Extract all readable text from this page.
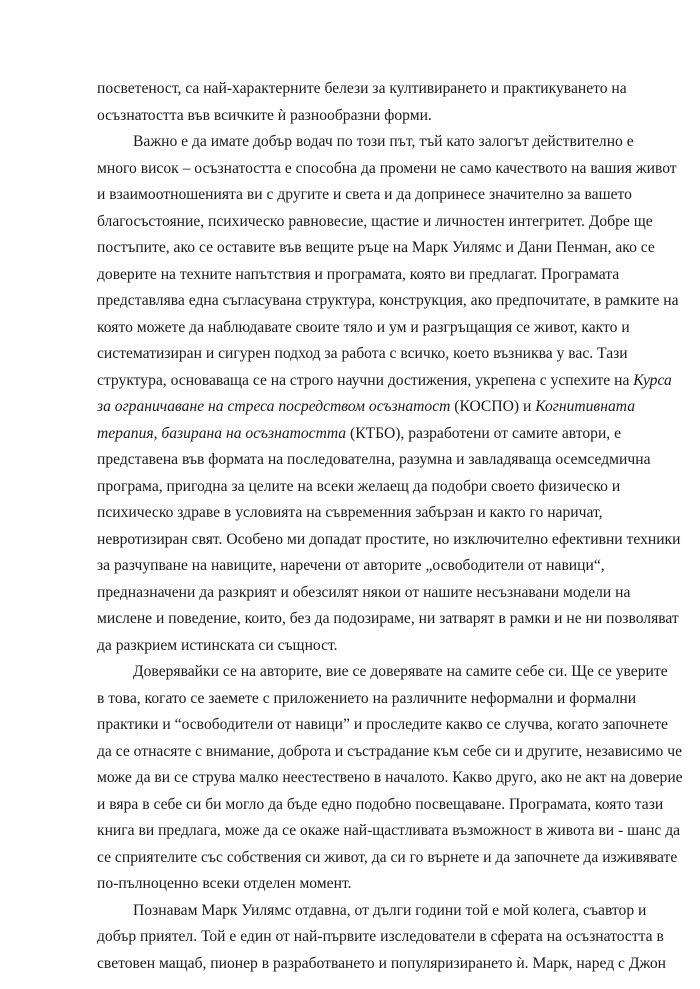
посветеност, са най-характерните белези за култивирането и практикуването на
осъзнатостта във всичките ѝ разнообразни форми.
Важно е да имате добър водач по този път, тъй като залогът действително е
много висок – осъзнатостта е способна да промени не само качеството на вашия живот
и взаимоотношенията ви с другите и света и да допринесе значително за вашето
благосъстояние, психическо равновесие, щастие и личностен интегритет. Добре ще
постъпите, ако се оставите във вещите ръце на Марк Уилямс и Дани Пенман, ако се
доверите на техните напътствия и програмата, която ви предлагат. Програмата
представлява една съгласувана структура, конструкция, ако предпочитате, в рамките на
която можете да наблюдавате своите тяло и ум и разгръщащия се живот, както и
систематизиран и сигурен подход за работа с всичко, което възниква у вас. Тази
структура, основаваща се на строго научни достижения, укрепена с успехите на Курса
за ограничаване на стреса посредством осъзнатост (КОСПО) и Когнитивната
терапия, базирана на осъзнатостта (КТБО), разработени от самите автори, е
представена във формата на последователна, разумна и завладяваща осемседмична
програма, пригодна за целите на всеки желаещ да подобри своето физическо и
психическо здраве в условията на съвременния забързан и както го наричат,
невротизиран свят. Особено ми допадат простите, но изключително ефективни техники
за разчупване на навиците, наречени от авторите „освободители от навици“,
предназначени да разкрият и обезсилят някои от нашите несъзнавани модели на
мислене и поведение, които, без да подозираме, ни затварят в рамки и не ни позволяват
да разкрием истинската си същност.
Доверявайки се на авторите, вие се доверявате на самите себе си. Ще се уверите
в това, когато се заемете с приложението на различните неформални и формални
практики и “освободители от навици” и проследите какво се случва, когато започнете
да се отнасяте с внимание, доброта и състрадание към себе си и другите, независимо че
може да ви се струва малко неестествено в началото. Какво друго, ако не акт на доверие
и вяра в себе си би могло да бъде едно подобно посвещаване. Програмата, която тази
книга ви предлага, може да се окаже най-щастливата възможност в живота ви - шанс да
се сприятелите със собствения си живот, да си го върнете и да започнете да изживявате
по-пълноценно всеки отделен момент.
Познавам Марк Уилямс отдавна, от дълги години той е мой колега, съавтор и
добър приятел. Той е един от най-първите изследователи в сферата на осъзнатостта в
световен мащаб, пионер в разработването и популяризирането ѝ. Марк, наред с Джон
